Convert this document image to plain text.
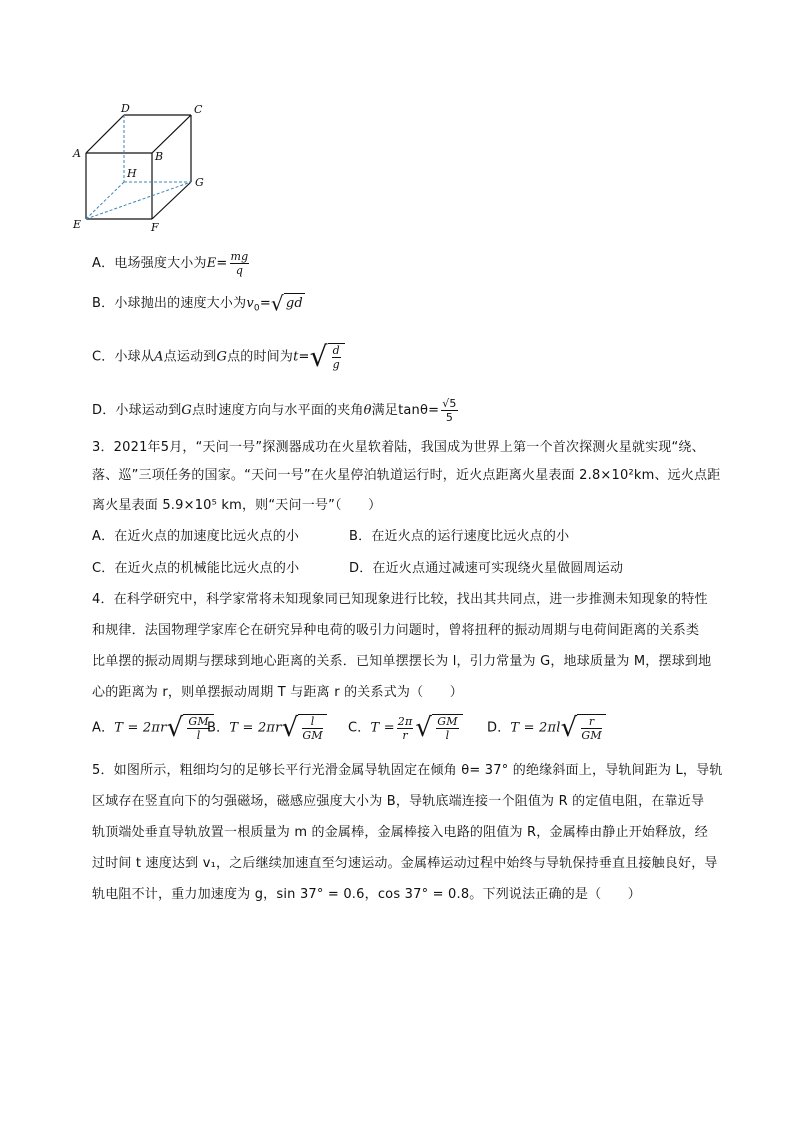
D	C
A	B
H
G
E	F
A．电场强度大小为$E= \frac{mg}{q}$
B．小球抛出的速度大小为$v_0=√$ gd
C．小球从A点运动到G点的时间为$t=√ \frac{d}{g}$
D．小球运动到G点时速度方向与水平面的夹角θ满足$\tan\theta= \frac{√5}{5}$
3．2021年5月，“天问一号”探测器成功在火星软着陆，我国成为世界上第一个首次探测火星就实现“绕、
落、巡”三项任务的国家。“天问一号”在火星停泊轨道运行时，近火点距离火星表面 2.8×10²km、远火点距
离火星表面 5.9×10⁵ km，则“天问一号”（　　）
A．在近火点的加速度比远火点的小	B．在近火点的运行速度比远火点的小
C．在近火点的机械能比远火点的小	D．在近火点通过减速可实现绕火星做圆周运动
4．在科学研究中，科学家常将未知现象同已知现象进行比较，找出其共同点，进一步推测未知现象的特性
和规律．法国物理学家库仑在研究异种电荷的吸引力问题时，曾将扭秤的振动周期与电荷间距离的关系类
比单摆的振动周期与摆球到地心距离的关系．已知单摆摆长为 l，引力常量为 G，地球质量为 M，摆球到地
心的距离为 r，则单摆振动周期 T 与距离 r 的关系式为（　　）
A．$T = 2\pi r√ \frac{GM}{l}$
B．$T = 2\pi r√ \frac{l}{GM}$ C．$T = \frac{2\pi}{r}$ √ $\frac{GM}{l}$ D．$T = 2\pi l√ \frac{r}{GM}$
5．如图所示，粗细均匀的足够长平行光滑金属导轨固定在倾角 θ= 37° 的绝缘斜面上，导轨间距为 L，导轨
区域存在竖直向下的匀强磁场，磁感应强度大小为 B，导轨底端连接一个阻值为 R 的定值电阻，在靠近导
轨顶端处垂直导轨放置一根质量为 m 的金属棒，金属棒接入电路的阻值为 R，金属棒由静止开始释放，经
过时间 t 速度达到 v₁，之后继续加速直至匀速运动。金属棒运动过程中始终与导轨保持垂直且接触良好，导
轨电阻不计，重力加速度为 g，sin 37° = 0.6，cos 37° = 0.8。下列说法正确的是（　　）
